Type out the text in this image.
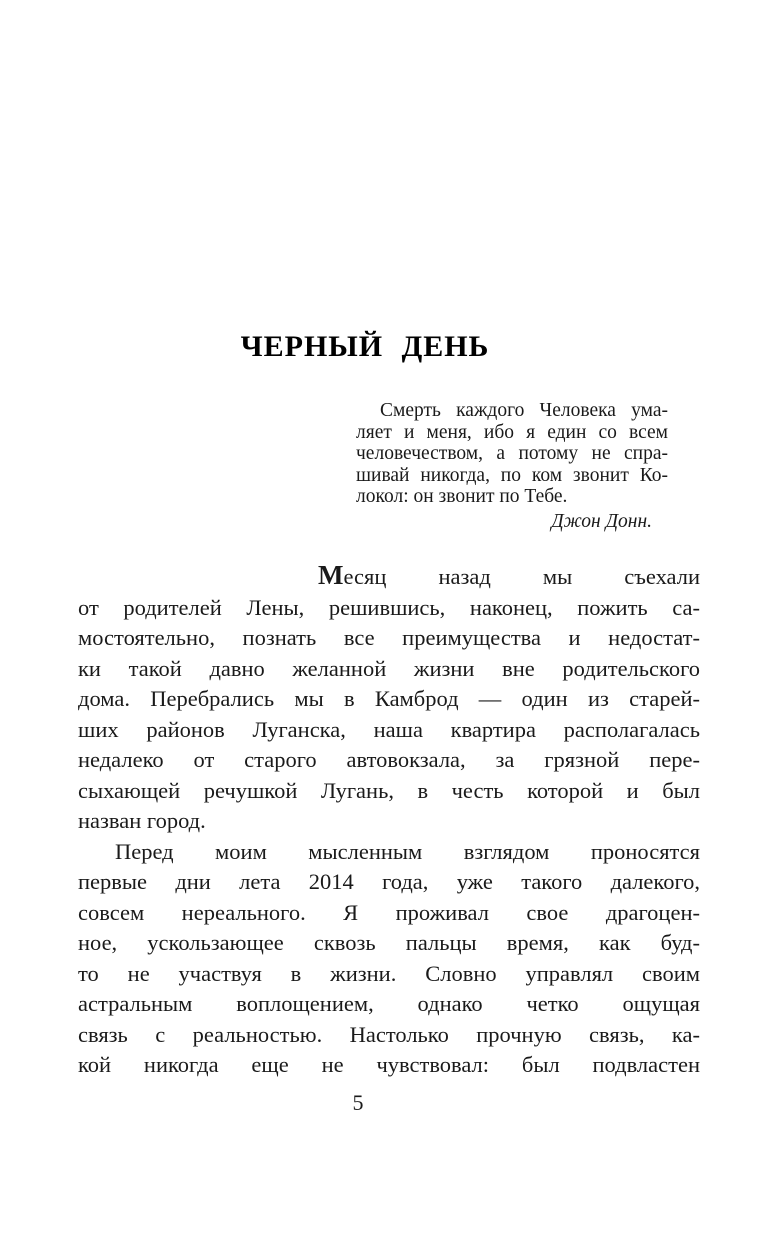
ЧЕРНЫЙ ДЕНЬ
Смерть каждого Человека ума-
ляет и меня, ибо я един со всем
человечеством, а потому не спра-
шивай никогда, по ком звонит Ко-
локол: он звонит по Тебе.
Джон Донн.
Месяц назад мы съехали
от родителей Лены, решившись, наконец, пожить са-
мостоятельно, познать все преимущества и недостат-
ки такой давно желанной жизни вне родительского
дома. Перебрались мы в Камброд — один из старей-
ших районов Луганска, наша квартира располагалась
недалеко от старого автовокзала, за грязной пере-
сыхающей речушкой Лугань, в честь которой и был
назван город.
Перед моим мысленным взглядом проносятся
первые дни лета 2014 года, уже такого далекого,
совсем нереального. Я проживал свое драгоцен-
ное, ускользающее сквозь пальцы время, как буд-
то не участвуя в жизни. Словно управлял своим
астральным воплощением, однако четко ощущая
связь с реальностью. Настолько прочную связь, ка-
кой никогда еще не чувствовал: был подвластен
5
